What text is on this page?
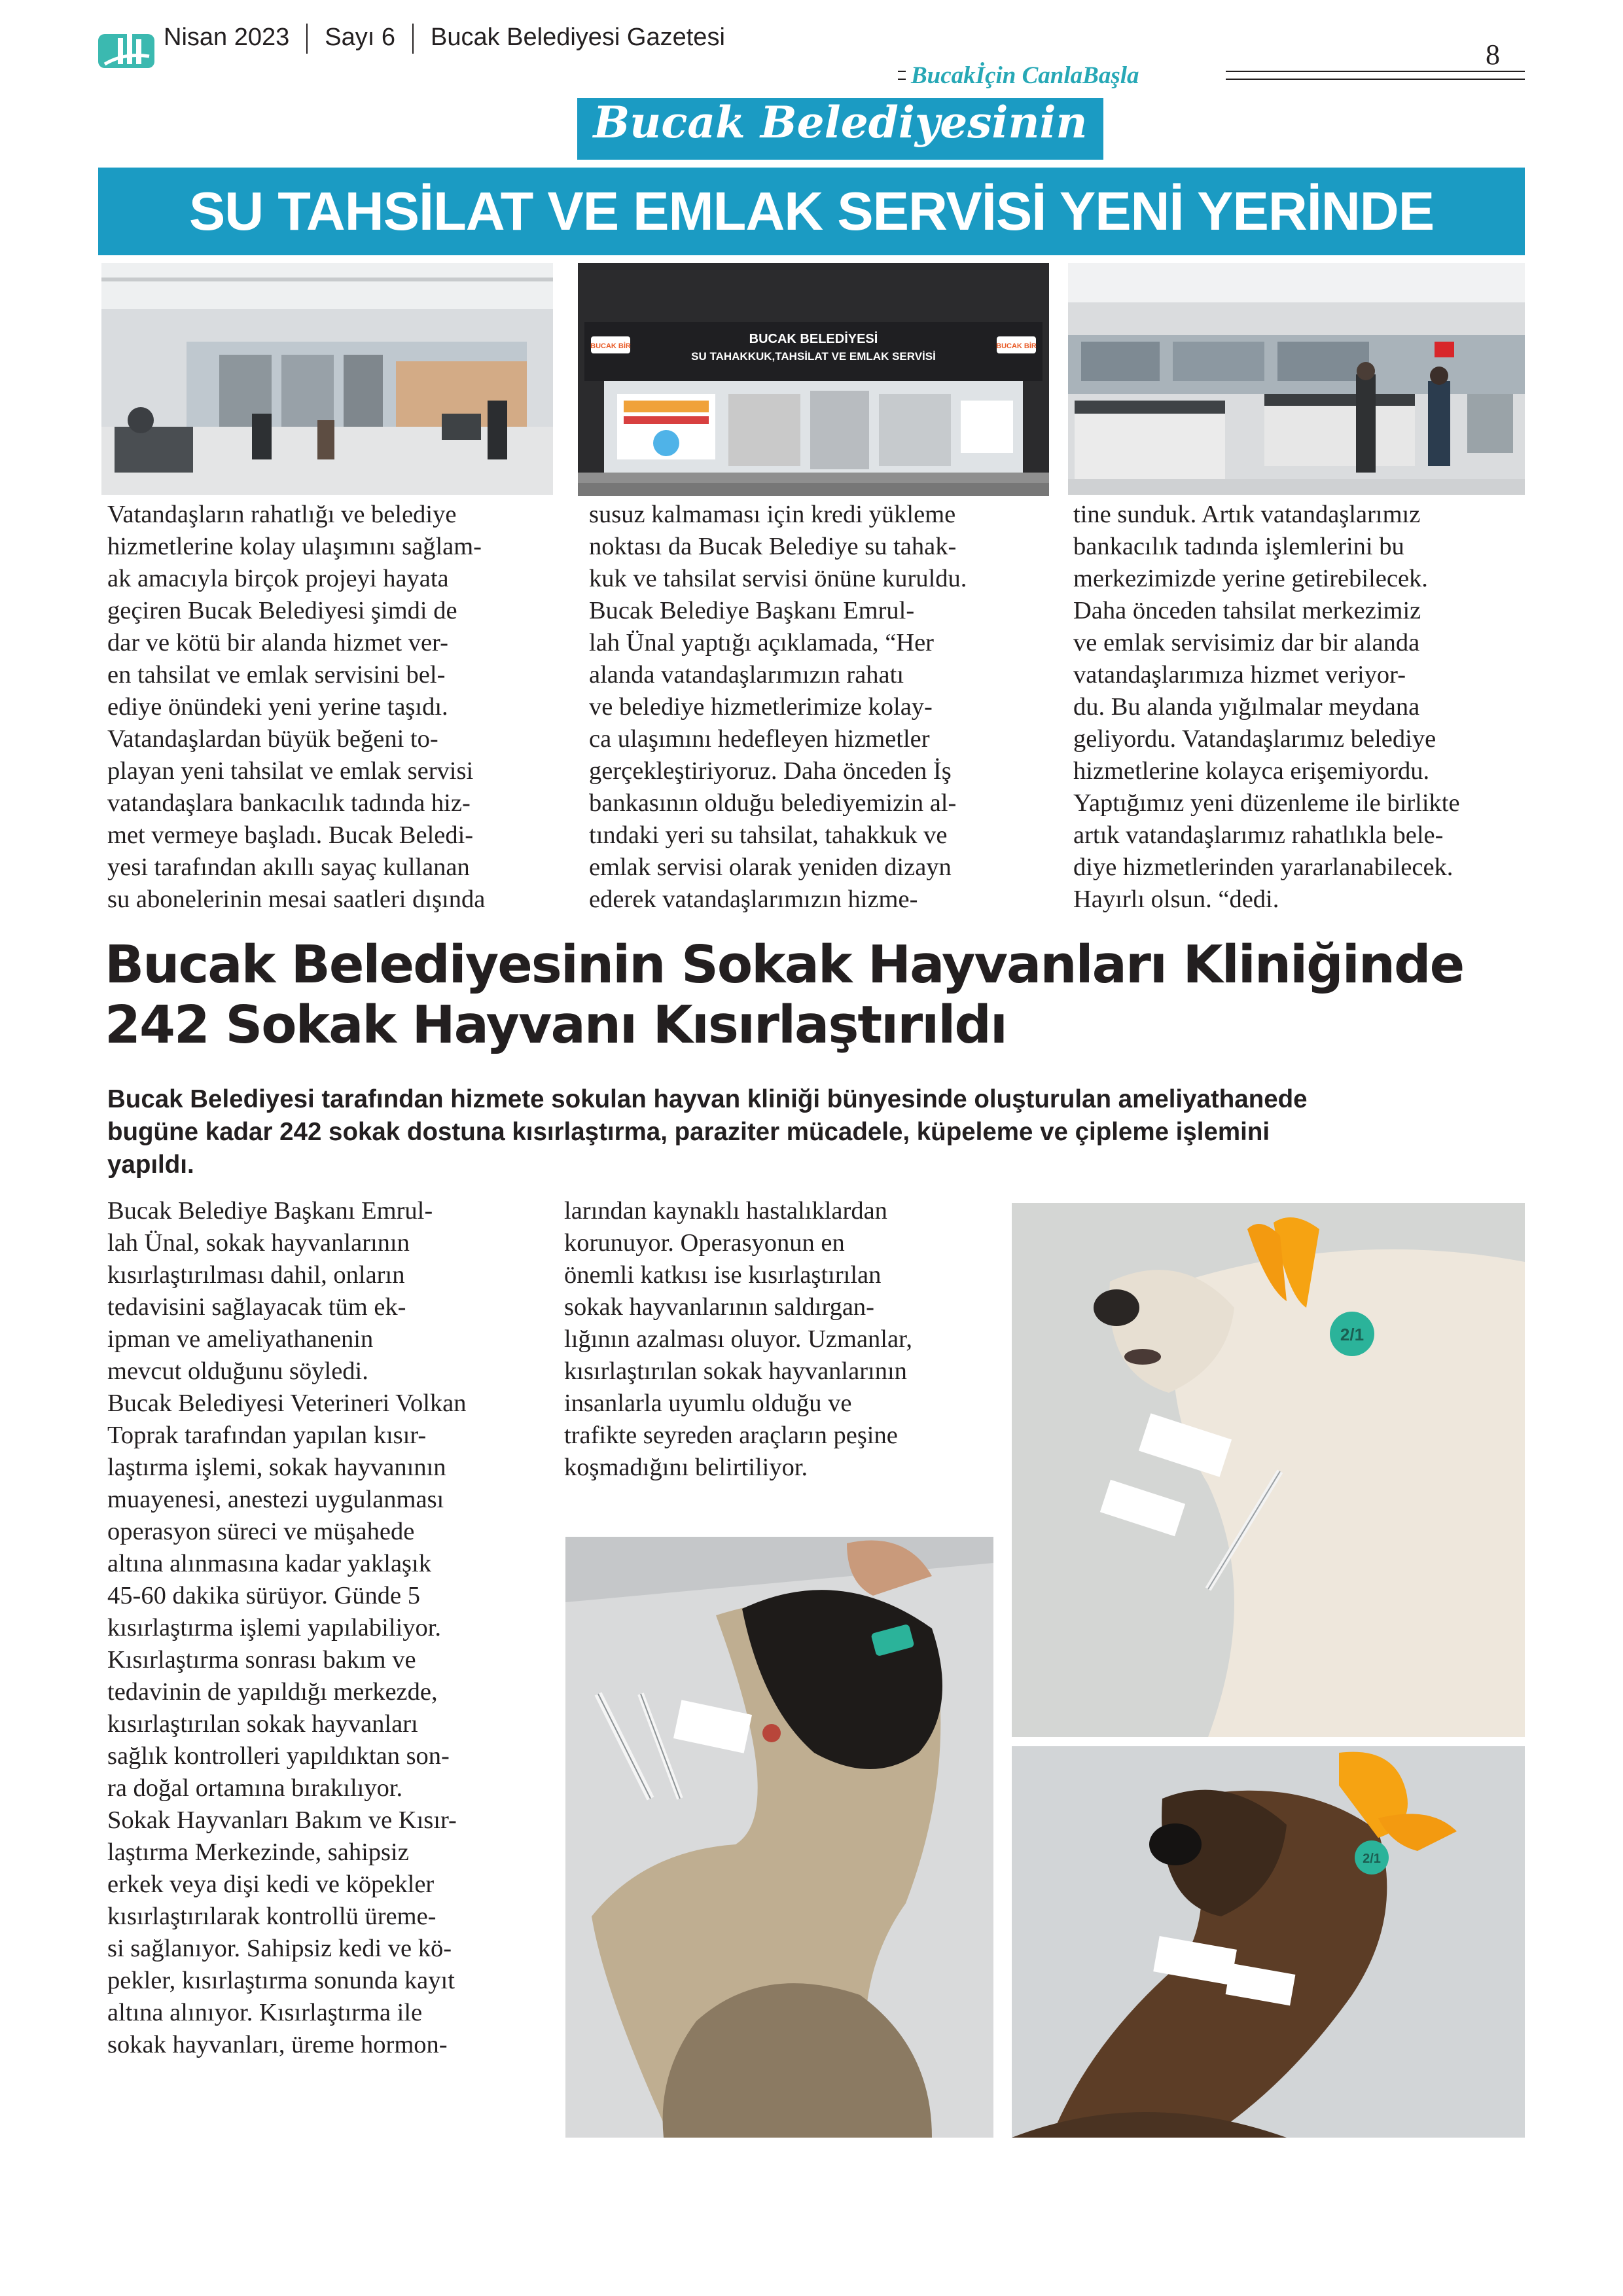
Nisan 2023 Sayı 6 Bucak Belediyesi Gazetesi
8
Bucakİçin CanlaBaşla
Bucak Belediyesinin
SU TAHSİLAT VE EMLAK SERVİSİ YENİ YERİNDE
BUCAK BELEDİYESİ
SU TAHAKKUK,TAHSİLAT VE EMLAK SERVİSİ
BUCAK BİR	BUCAK BİR
Vatandaşların rahatlığı ve belediye
hizmetlerine kolay ulaşımını sağlam-
ak amacıyla birçok projeyi hayata
geçiren Bucak Belediyesi şimdi de
dar ve kötü bir alanda hizmet ver-
en tahsilat ve emlak servisini bel-
ediye önündeki yeni yerine taşıdı.
Vatandaşlardan büyük beğeni to-
playan yeni tahsilat ve emlak servisi
vatandaşlara bankacılık tadında hiz-
met vermeye başladı. Bucak Beledi-
yesi tarafından akıllı sayaç kullanan
su abonelerinin mesai saatleri dışında
susuz kalmaması için kredi yükleme
noktası da Bucak Belediye su tahak-
kuk ve tahsilat servisi önüne kuruldu.
Bucak Belediye Başkanı Emrul-
lah Ünal yaptığı açıklamada, “Her
alanda vatandaşlarımızın rahatı
ve belediye hizmetlerimize kolay-
ca ulaşımını hedefleyen hizmetler
gerçekleştiriyoruz. Daha önceden İş
bankasının olduğu belediyemizin al-
tındaki yeri su tahsilat, tahakkuk ve
emlak servisi olarak yeniden dizayn
ederek vatandaşlarımızın hizme-
tine sunduk. Artık vatandaşlarımız
bankacılık tadında işlemlerini bu
merkezimizde yerine getirebilecek.
Daha önceden tahsilat merkezimiz
ve emlak servisimiz dar bir alanda
vatandaşlarımıza hizmet veriyor-
du. Bu alanda yığılmalar meydana
geliyordu. Vatandaşlarımız belediye
hizmetlerine kolayca erişemiyordu.
Yaptığımız yeni düzenleme ile birlikte
artık vatandaşlarımız rahatlıkla bele-
diye hizmetlerinden yararlanabilecek.
Hayırlı olsun. “dedi.
Bucak Belediyesinin Sokak Hayvanları Kliniğinde
242 Sokak Hayvanı Kısırlaştırıldı
Bucak Belediyesi tarafından hizmete sokulan hayvan kliniği bünyesinde oluşturulan ameliyathanede
bugüne kadar 242 sokak dostuna kısırlaştırma, paraziter mücadele, küpeleme ve çipleme işlemini
yapıldı.
Bucak Belediye Başkanı Emrul-
lah Ünal, sokak hayvanlarının
kısırlaştırılması dahil, onların
tedavisini sağlayacak tüm ek-
ipman ve ameliyathanenin
mevcut olduğunu söyledi.
Bucak Belediyesi Veterineri Volkan
Toprak tarafından yapılan kısır-
laştırma işlemi, sokak hayvanının
muayenesi, anestezi uygulanması
operasyon süreci ve müşahede
altına alınmasına kadar yaklaşık
45-60 dakika sürüyor. Günde 5
kısırlaştırma işlemi yapılabiliyor.
Kısırlaştırma sonrası bakım ve
tedavinin de yapıldığı merkezde,
kısırlaştırılan sokak hayvanları
sağlık kontrolleri yapıldıktan son-
ra doğal ortamına bırakılıyor.
Sokak Hayvanları Bakım ve Kısır-
laştırma Merkezinde, sahipsiz
erkek veya dişi kedi ve köpekler
kısırlaştırılarak kontrollü üreme-
si sağlanıyor. Sahipsiz kedi ve kö-
pekler, kısırlaştırma sonunda kayıt
altına alınıyor. Kısırlaştırma ile
sokak hayvanları, üreme hormon-
larından kaynaklı hastalıklardan
korunuyor. Operasyonun en
önemli katkısı ise kısırlaştırılan
sokak hayvanlarının saldırgan-
lığının azalması oluyor. Uzmanlar,
kısırlaştırılan sokak hayvanlarının
insanlarla uyumlu olduğu ve
trafikte seyreden araçların peşine
koşmadığını belirtiliyor.
2/1
2/1
